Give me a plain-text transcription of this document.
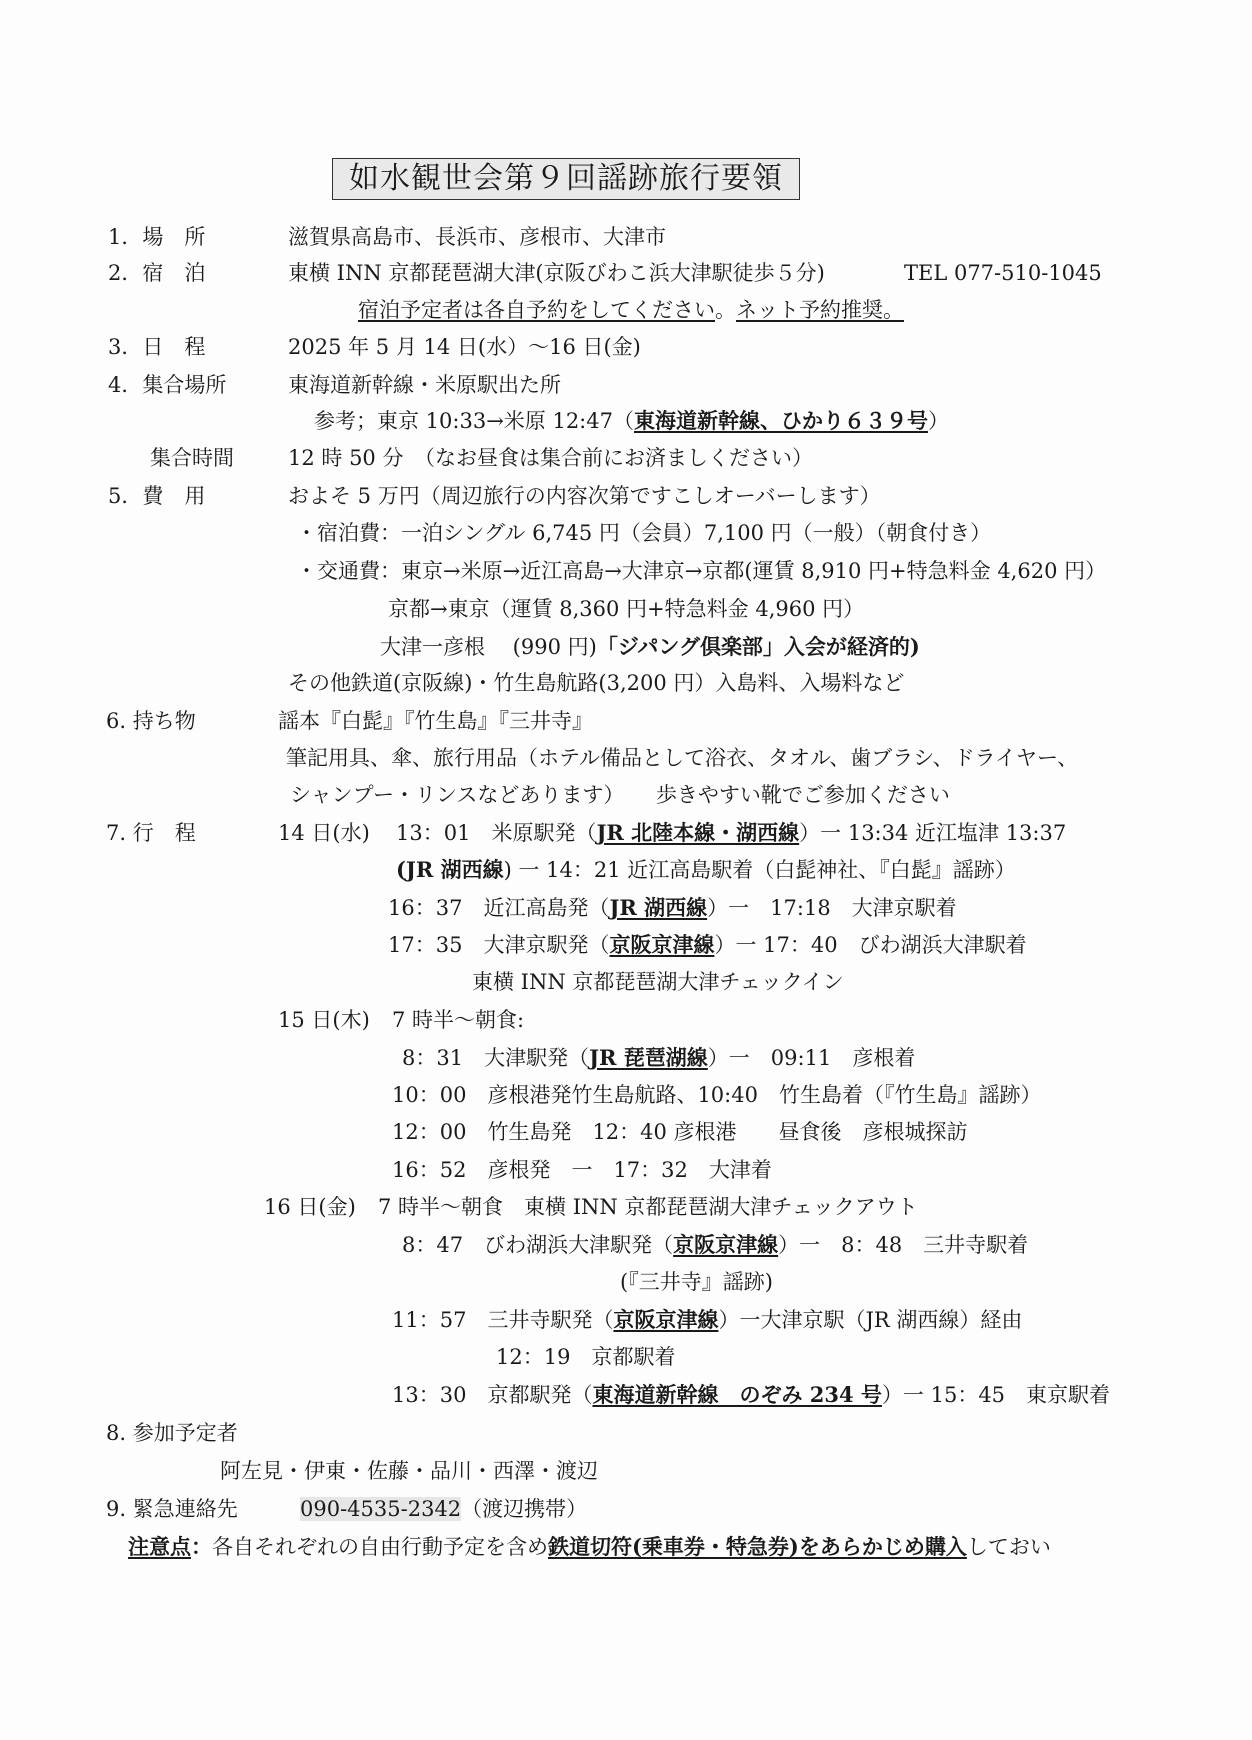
如水観世会第９回謡跡旅行要領
1．場　所	滋賀県高島市、長浜市、彦根市、大津市
2．宿　泊	東横 INN 京都琵琶湖大津(京阪びわこ浜大津駅徒歩５分)	TEL 077-510-1045
宿泊予定者は各自予約をしてください。ネット予約推奨。
3．日　程	2025 年 5 月 14 日(水）～16 日(金)
4．集合場所	東海道新幹線・米原駅出た所
参考；東京 10:33→米原 12:47（東海道新幹線、ひかり６３９号）
集合時間	12 時 50 分　（なお昼食は集合前にお済ましください）
5．費　用	およそ 5 万円（周辺旅行の内容次第ですこしオーバーします）
・宿泊費：一泊シングル 6,745 円（会員）7,100 円（一般）（朝食付き）
・交通費：東京→米原→近江高島→大津京→京都(運賃 8,910 円+特急料金 4,620 円）
京都→東京（運賃 8,360 円+特急料金 4,960 円）
大津一彦根　 (990 円)「ジパング倶楽部」入会が経済的)
その他鉄道(京阪線)・竹生島航路(3,200 円）入島料、入場料など
6. 持ち物	謡本『白髭』『竹生島』『三井寺』
筆記用具、傘、旅行用品（ホテル備品として浴衣、タオル、歯ブラシ、ドライヤー、
シャンプー・リンスなどあります）　　歩きやすい靴でご参加ください
7. 行　程	14 日(水) 13：01　米原駅発（JR 北陸本線・湖西線）一 13:34 近江塩津 13:37
(JR 湖西線) 一 14：21 近江高島駅着（白髭神社、『白髭』謡跡）
16：37　近江高島発（JR 湖西線）一　17:18　大津京駅着
17：35　大津京駅発（京阪京津線）一 17：40　びわ湖浜大津駅着
東横 INN 京都琵琶湖大津チェックイン
15 日(木) 7 時半～朝食:
8：31　大津駅発（JR 琵琶湖線）一　09:11　彦根着
10：00　彦根港発竹生島航路、10:40　竹生島着（『竹生島』謡跡）
12：00　竹生島発　12：40 彦根港　　昼食後　彦根城探訪
16：52　彦根発　一　17：32　大津着
16 日(金) 7 時半～朝食　東横 INN 京都琵琶湖大津チェックアウト
8：47　びわ湖浜大津駅発（京阪京津線）一　8：48　三井寺駅着
(『三井寺』謡跡)
11：57　三井寺駅発（京阪京津線）一大津京駅（JR 湖西線）経由
12：19　京都駅着
13：30　京都駅発（東海道新幹線　のぞみ 234 号）一 15：45　東京駅着
8. 参加予定者
阿左見・伊東・佐藤・品川・西澤・渡辺
9. 緊急連絡先	090-4535-2342（渡辺携帯）
注意点：各自それぞれの自由行動予定を含め鉄道切符(乗車券・特急券)をあらかじめ購入しておい
